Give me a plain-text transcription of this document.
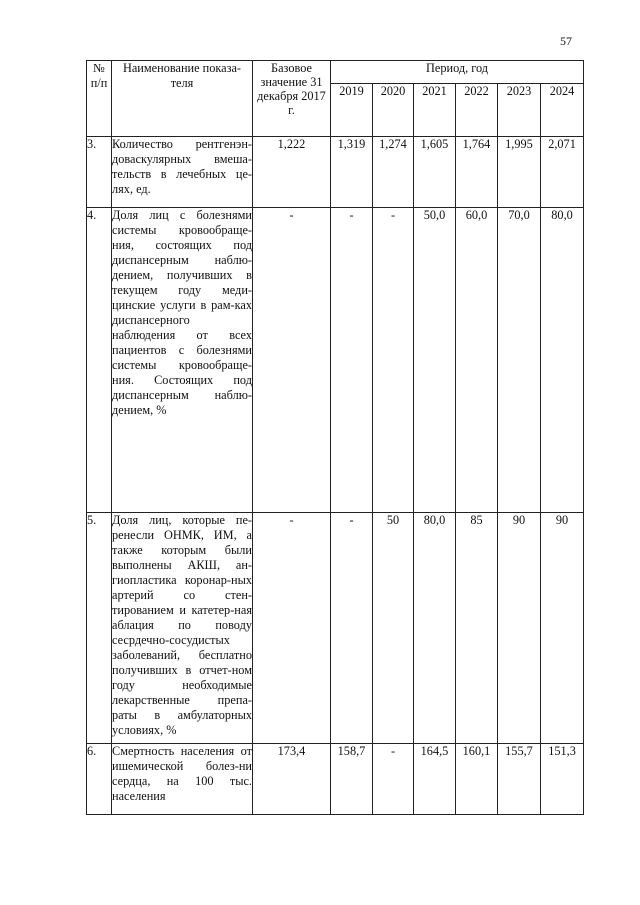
57
№ п/п	Наименование показа-теля	Базовое значение 31 декабря 2017 г.	Период, год					
			2019	2020	2021	2022	2023	2024
3.	Количество рентгенэн-доваскулярных вмеша-тельств в лечебных це-лях, ед.	1,222	1,319	1,274	1,605	1,764	1,995	2,071
4.	Доля лиц с болезнями системы кровообраще-ния, состоящих под диспансерным наблю-дением, получивших в текущем году меди-цинские услуги в рам-ках диспансерного наблюдения от всех пациентов с болезнями системы кровообраще-ния. Состоящих под диспансерным наблю-дением, %	-	-	-	50,0	60,0	70,0	80,0
5.	Доля лиц, которые пе-ренесли ОНМК, ИМ, а также которым были выполнены АКШ, ан-гиопластика коронар-ных артерий со стен-тированием и катетер-ная аблация по поводу сесрдечно-сосудистых заболеваний, бесплатно получивших в отчет-ном году необходимые лекарственные препа-раты в амбулаторных условиях, %	-	-	50	80,0	85	90	90
6.	Смертность населения от ишемической болез-ни сердца, на 100 тыс. населения	173,4	158,7	-	164,5	160,1	155,7	151,3
